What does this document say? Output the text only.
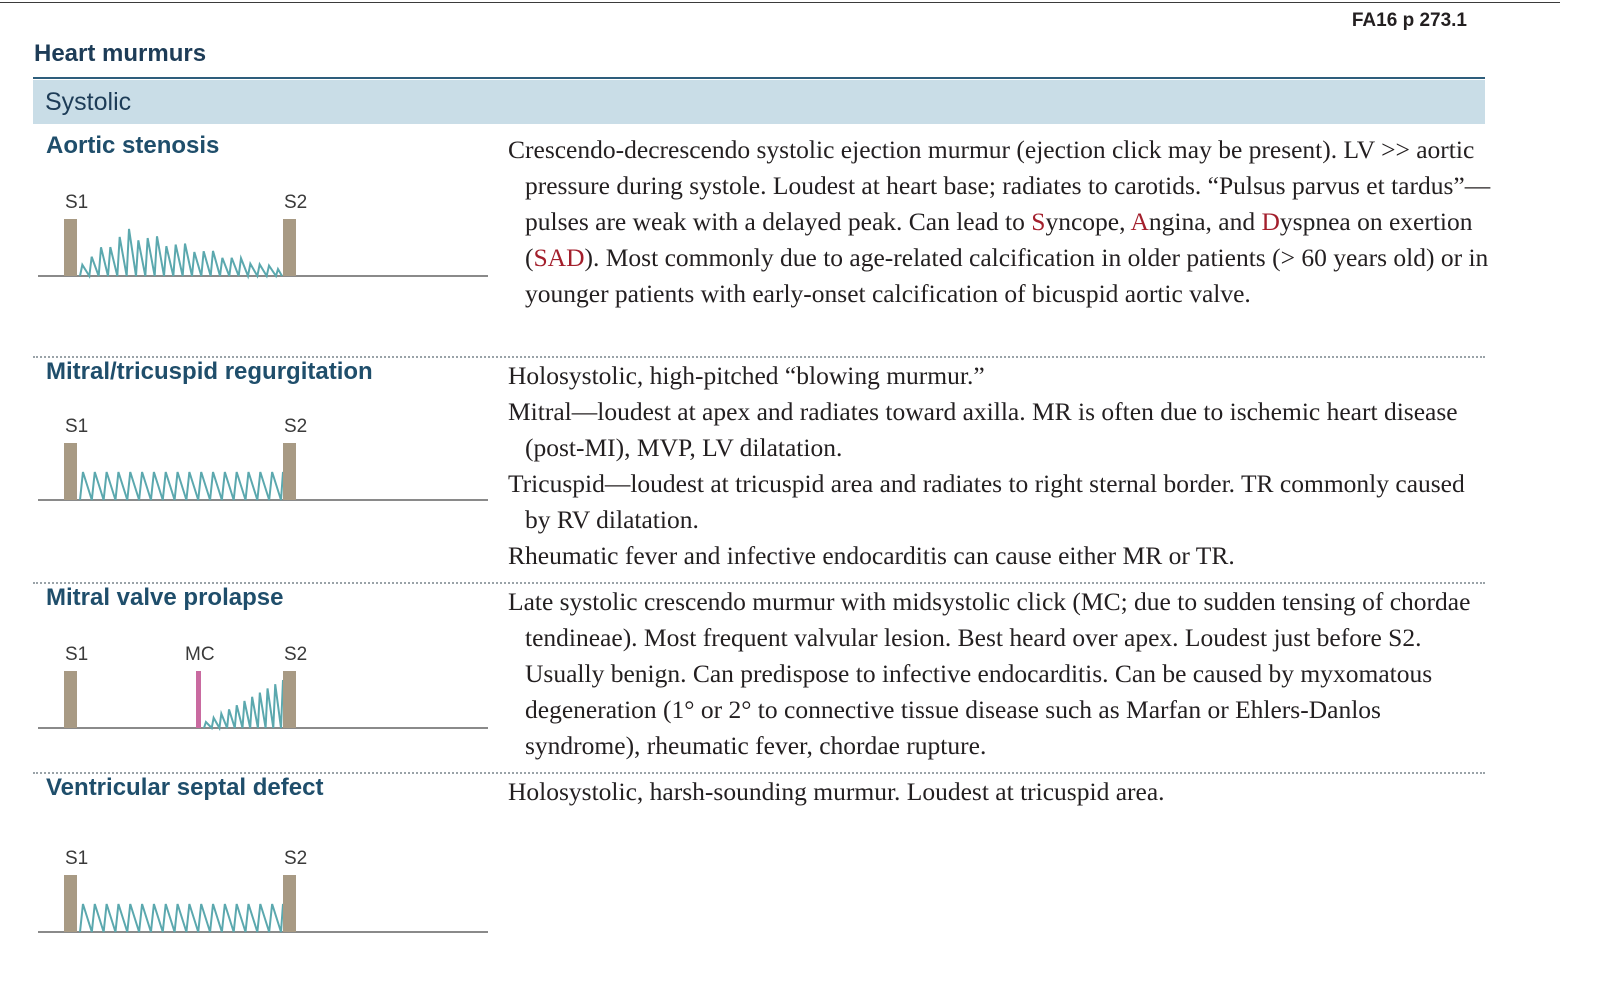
FA16 p 273.1
Heart murmurs
Systolic
Aortic stenosis
S1	S2

Crescendo-decrescendo systolic ejection murmur (ejection click may be present). LV >> aortic pressure during systole. Loudest at heart base; radiates to carotids. “Pulsus parvus et tardus”—pulses are weak with a delayed peak. Can lead to Syncope, Angina, and Dyspnea on exertion (SAD). Most commonly due to age-related calcification in older patients (> 60 years old) or in younger patients with early-onset calcification of bicuspid aortic valve.

Mitral/tricuspid regurgitation
S1	S2

Holosystolic, high-pitched “blowing murmur.”

Mitral—loudest at apex and radiates toward axilla. MR is often due to ischemic heart disease (post-MI), MVP, LV dilatation.

Tricuspid—loudest at tricuspid area and radiates to right sternal border. TR commonly caused by RV dilatation.

Rheumatic fever and infective endocarditis can cause either MR or TR.

Mitral valve prolapse
S1	MC	S2

Late systolic crescendo murmur with midsystolic click (MC; due to sudden tensing of chordae tendineae). Most frequent valvular lesion. Best heard over apex. Loudest just before S2. Usually benign. Can predispose to infective endocarditis. Can be caused by myxomatous degeneration (1° or 2° to connective tissue disease such as Marfan or Ehlers-Danlos syndrome), rheumatic fever, chordae rupture.

Ventricular septal defect
S1	S2

Holosystolic, harsh-sounding murmur. Loudest at tricuspid area.
